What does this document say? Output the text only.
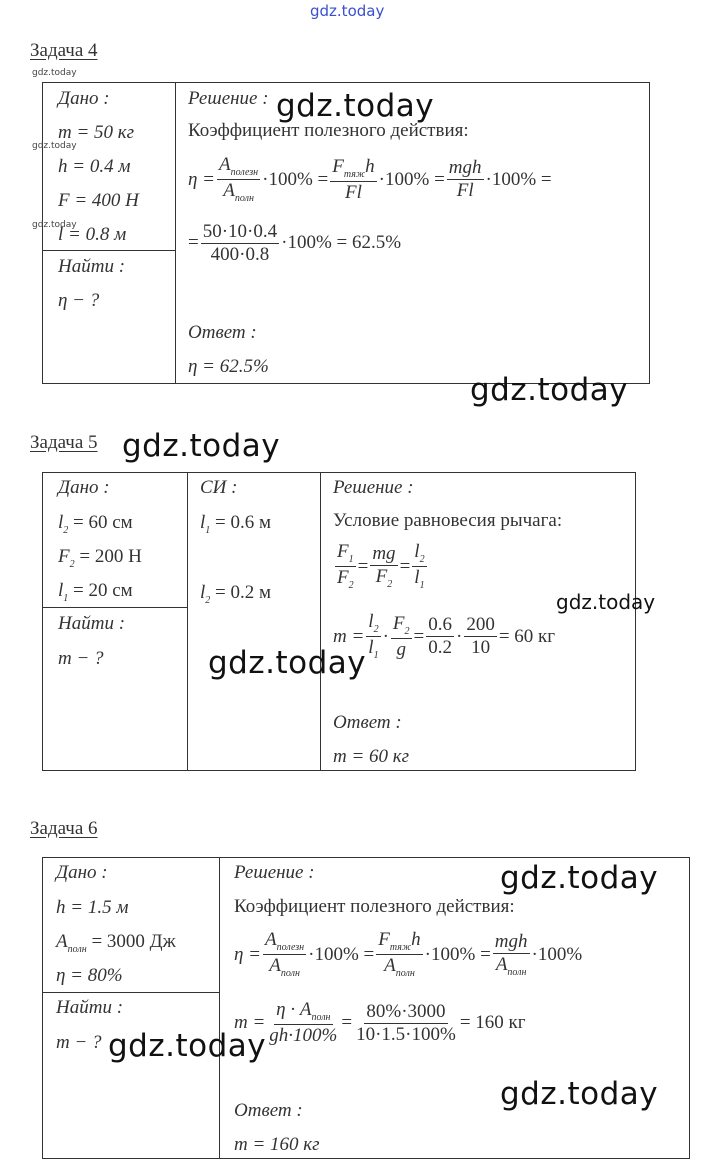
gdz.today
Задача 4
gdz.today
Дано :
m = 50 кг
gdz.today
h = 0.4 м
F = 400 Н
gdz.today
l = 0.8 м
Найти :
η − ?
Решение : gdz.today
Коэффициент полезного действия:
$\eta = \frac{A_{полезн}}{A_{полн}} \cdot 100\% = \frac{F_{тяж}h}{Fl} \cdot 100\% = \frac{\text{mgh}}{Fl} \cdot 100\%$ =
= $\frac{50\cdot 10\cdot 0.4}{400\cdot 0.8} \cdot 100\% = 62.5\%$
Ответ :
η = 62.5%
gdz.today
Задача 5 gdz.today
Дано :
$l_2 = 60$ см
$F_2 = 200$ Н
$l_1 = 20$ см
Найти :
m − ?
СИ :
$l_1 = 0.6$ м
$l_2 = 0.2$ м
Решение :
Условие равновесия рычага:
$\frac{F_1}{F_2} = \frac{mg}{F_2} = \frac{l_2}{l_1}$
gdz.today
$m = \frac{l_2}{l_1} \cdot \frac{F_2}{g} = \frac{0.6}{0.2} \cdot \frac{200}{10} = 60$ кг
gdz.today
Ответ :
m = 60 кг
Задача 6
Дано :
h = 1.5 м
$A_{полн} = 3000$ Дж
η = 80%
Найти :
m − ? gdz.today
Решение :	gdz.today
Коэффициент полезного действия:
$\eta = \frac{A_{полезн}}{A_{полн}} \cdot 100\% = \frac{F_{тяж}h}{A_{полн}} \cdot 100\% = \frac{\text{mgh}}{A_{полн}} \cdot 100\%$
$m = \frac{\eta \cdot A_{полн}}{gh\cdot 100\%} = \frac{80\%\cdot 3000}{10\cdot 1.5\cdot 100\%} = 160$ кг
gdz.today
Ответ :
m = 160 кг
